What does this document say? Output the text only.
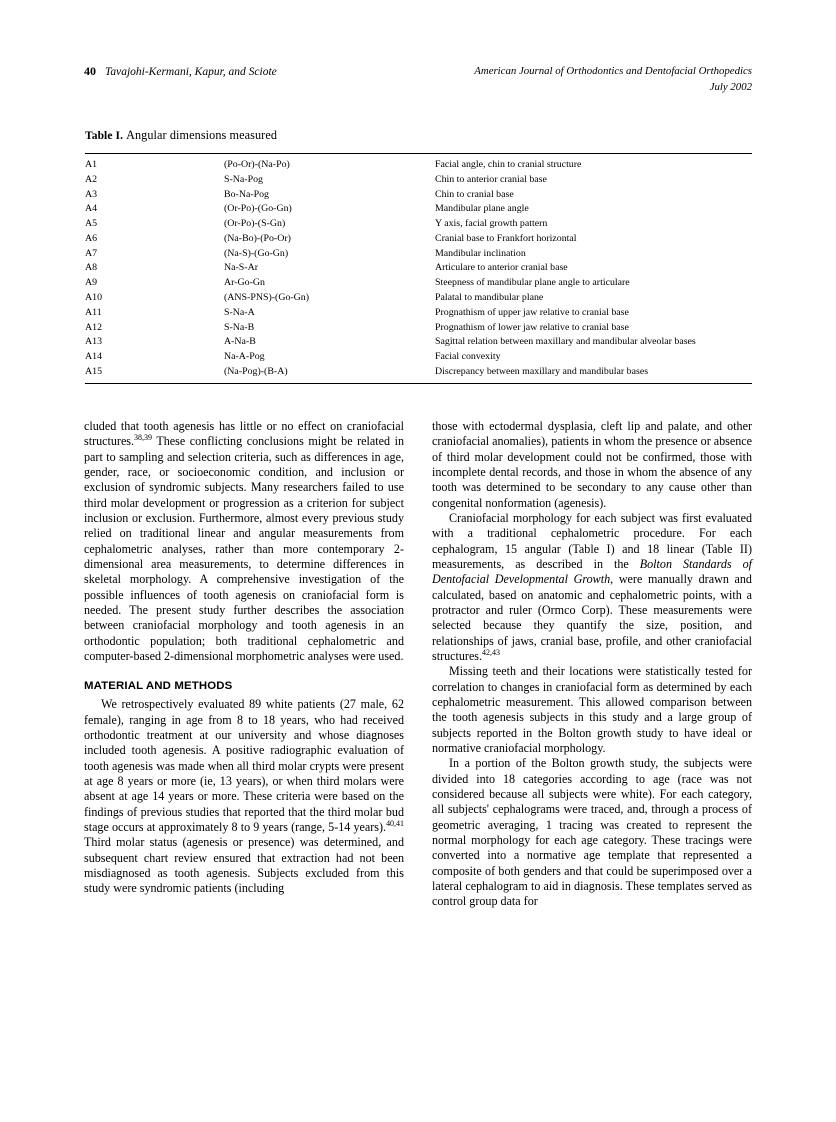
40 Tavajohi-Kermani, Kapur, and Sciote	American Journal of Orthodontics and Dentofacial Orthopedics
July 2002
Table I. Angular dimensions measured
A1	(Po-Or)-(Na-Po)	Facial angle, chin to cranial structure
A2	S-Na-Pog	Chin to anterior cranial base
A3	Bo-Na-Pog	Chin to cranial base
A4	(Or-Po)-(Go-Gn)	Mandibular plane angle
A5	(Or-Po)-(S-Gn)	Y axis, facial growth pattern
A6	(Na-Bo)-(Po-Or)	Cranial base to Frankfort horizontal
A7	(Na-S)-(Go-Gn)	Mandibular inclination
A8	Na-S-Ar	Articulare to anterior cranial base
A9	Ar-Go-Gn	Steepness of mandibular plane angle to articulare
A10	(ANS-PNS)-(Go-Gn)	Palatal to mandibular plane
A11	S-Na-A	Prognathism of upper jaw relative to cranial base
A12	S-Na-B	Prognathism of lower jaw relative to cranial base
A13	A-Na-B	Sagittal relation between maxillary and mandibular alveolar bases
A14	Na-A-Pog	Facial convexity
A15	(Na-Pog)-(B-A)	Discrepancy between maxillary and mandibular bases

cluded that tooth agenesis has little or no effect on craniofacial structures.$^{38,39}$ These conflicting conclusions might be related in part to sampling and selection criteria, such as differences in age, gender, race, or socioeconomic condition, and inclusion or exclusion of syndromic subjects. Many researchers failed to use third molar development or progression as a criterion for subject inclusion or exclusion. Furthermore, almost every previous study relied on traditional linear and angular measurements from cephalometric analyses, rather than more contemporary 2-dimensional area measurements, to determine differences in skeletal morphology. A comprehensive investigation of the possible influences of tooth agenesis on craniofacial form is needed. The present study further describes the association between craniofacial morphology and tooth agenesis in an orthodontic population; both traditional cephalometric and computer-based 2-dimensional morphometric analyses were used.

MATERIAL AND METHODS

We retrospectively evaluated 89 white patients (27 male, 62 female), ranging in age from 8 to 18 years, who had received orthodontic treatment at our university and whose diagnoses included tooth agenesis. A positive radiographic evaluation of tooth agenesis was made when all third molar crypts were present at age 8 years or more (ie, 13 years), or when third molars were absent at age 14 years or more. These criteria were based on the findings of previous studies that reported that the third molar bud stage occurs at approximately 8 to 9 years (range, 5-14 years).$^{40,41}$ Third molar status (agenesis or presence) was determined, and subsequent chart review ensured that extraction had not been misdiagnosed as tooth agenesis. Subjects excluded from this study were syndromic patients (including

those with ectodermal dysplasia, cleft lip and palate, and other craniofacial anomalies), patients in whom the presence or absence of third molar development could not be confirmed, those with incomplete dental records, and those in whom the absence of any tooth was determined to be secondary to any cause other than congenital nonformation (agenesis).

Craniofacial morphology for each subject was first evaluated with a traditional cephalometric procedure. For each cephalogram, 15 angular (Table I) and 18 linear (Table II) measurements, as described in the Bolton Standards of Dentofacial Developmental Growth, were manually drawn and calculated, based on anatomic and cephalometric points, with a protractor and ruler (Ormco Corp). These measurements were selected because they quantify the size, position, and relationships of jaws, cranial base, profile, and other craniofacial structures.$^{42,43}$

Missing teeth and their locations were statistically tested for correlation to changes in craniofacial form as determined by each cephalometric measurement. This allowed comparison between the tooth agenesis subjects in this study and a large group of subjects reported in the Bolton growth study to have ideal or normative craniofacial morphology.

In a portion of the Bolton growth study, the subjects were divided into 18 categories according to age (race was not considered because all subjects were white). For each category, all subjects' cephalograms were traced, and, through a process of geometric averaging, 1 tracing was created to represent the normal morphology for each age category. These tracings were converted into a normative age template that represented a composite of both genders and that could be superimposed over a lateral cephalogram to aid in diagnosis. These templates served as control group data for
